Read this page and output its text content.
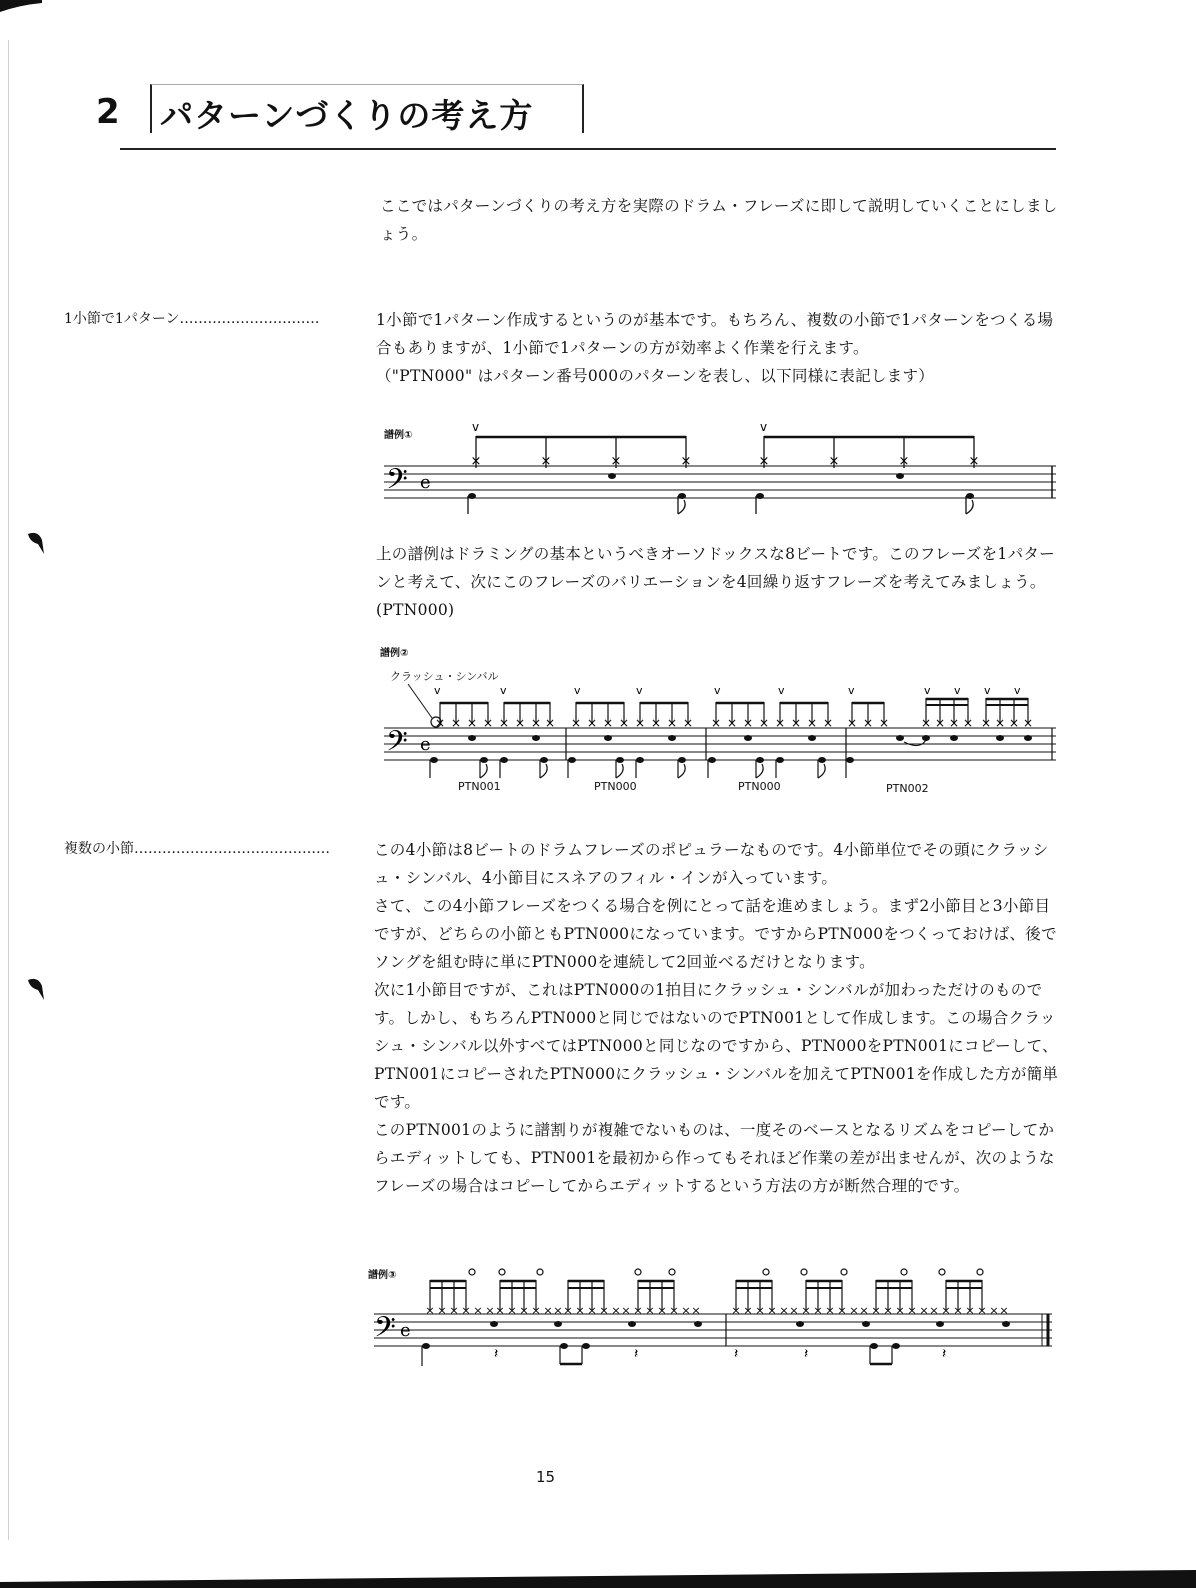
2 パターンづくりの考え方
ここではパターンづくりの考え方を実際のドラム・フレーズに即して説明していくことにしましょう。
1小節で1パターン…………………………	1小節で1パターン作成するというのが基本です。もちろん、複数の小節で1パターンをつくる場合もありますが、1小節で1パターンの方が効率よく作業を行えます。

（"PTN000" はパターン番号000のパターンを表し、以下同様に表記します）

譜例①
𝄢 e
v	v
×	×	×	×	×	×	×	×
上の譜例はドラミングの基本というべきオーソドックスな8ビートです。このフレーズを1パターンと考えて、次にこのフレーズのバリエーションを4回繰り返すフレーズを考えてみましょう。(PTN000)
譜例②
クラッシュ・シンバル
𝄢 e
v	v	v	v	v	v	v	v v v v
× × × × × × × × × × × × × × × × × × × × × × × × × × ×	× × × × × × × ×
PTN001	PTN000	PTN000	PTN002
複数の小節……………………………………	この4小節は8ビートのドラムフレーズのポピュラーなものです。4小節単位でその頭にクラッシュ・シンバル、4小節目にスネアのフィル・インが入っています。

さて、この4小節フレーズをつくる場合を例にとって話を進めましょう。まず2小節目と3小節目ですが、どちらの小節ともPTN000になっています。ですからPTN000をつくっておけば、後でソングを組む時に単にPTN000を連続して2回並べるだけとなります。

次に1小節目ですが、これはPTN000の1拍目にクラッシュ・シンバルが加わっただけのものです。しかし、もちろんPTN000と同じではないのでPTN001として作成します。この場合クラッシュ・シンバル以外すべてはPTN000と同じなのですから、PTN000をPTN001にコピーして、PTN001にコピーされたPTN000にクラッシュ・シンバルを加えてPTN001を作成した方が簡単です。

このPTN001のように譜割りが複雑でないものは、一度そのベースとなるリズムをコピーしてからエディットしても、PTN001を最初から作ってもそれほど作業の差が出ませんが、次のようなフレーズの場合はコピーしてからエディットするという方法の方が断然合理的です。

譜例③
𝄢 e
× × × × × × × × × × × × × × × × × × × × × × × ×	× × × × × × × × × × × × × × × × × × × × × × × ×
𝄽	𝄽	𝄽	𝄽	𝄽
15
